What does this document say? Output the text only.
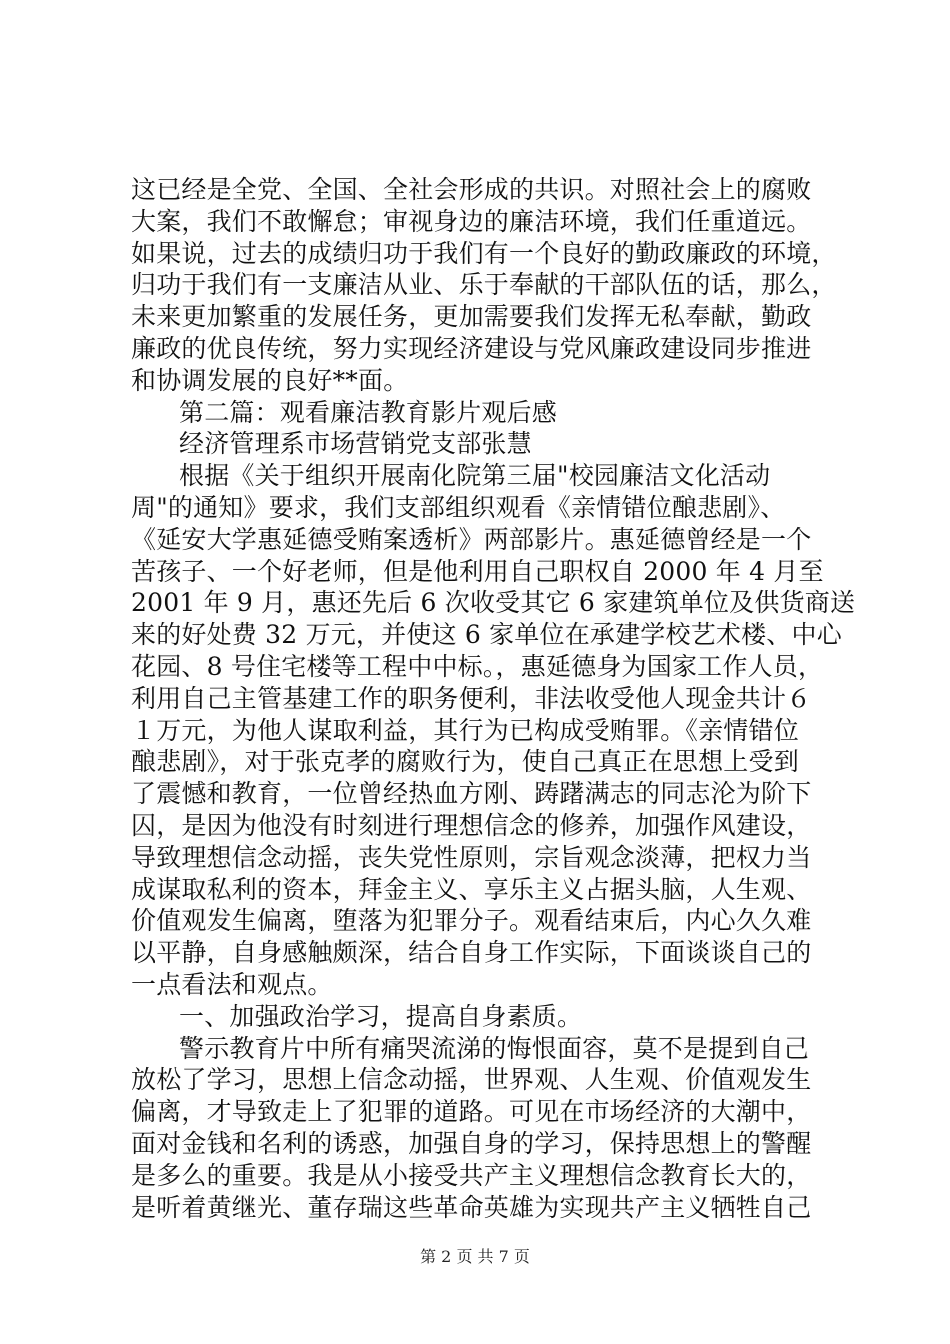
这已经是全党、全国、全社会形成的共识。对照社会上的腐败
大案，我们不敢懈怠；审视身边的廉洁环境，我们任重道远。
如果说，过去的成绩归功于我们有一个良好的勤政廉政的环境，
归功于我们有一支廉洁从业、乐于奉献的干部队伍的话，那么，
未来更加繁重的发展任务，更加需要我们发挥无私奉献，勤政
廉政的优良传统，努力实现经济建设与党风廉政建设同步推进
和协调发展的良好**面。
第二篇：观看廉洁教育影片观后感
经济管理系市场营销党支部张慧
根据《关于组织开展南化院第三届"校园廉洁文化活动
周"的通知》要求，我们支部组织观看《亲情错位酿悲剧》、
《延安大学惠延德受贿案透析》两部影片。惠延德曾经是一个
苦孩子、一个好老师，但是他利用自己职权自 2000 年 4 月至
2001 年 9 月，惠还先后 6 次收受其它 6 家建筑单位及供货商送
来的好处费 32 万元，并使这 6 家单位在承建学校艺术楼、中心
花园、8 号住宅楼等工程中中标。，惠延德身为国家工作人员，
利用自己主管基建工作的职务便利，非法收受他人现金共计６
１万元，为他人谋取利益，其行为已构成受贿罪。《亲情错位
酿悲剧》，对于张克孝的腐败行为，使自己真正在思想上受到
了震憾和教育，一位曾经热血方刚、踌躇满志的同志沦为阶下
囚，是因为他没有时刻进行理想信念的修养，加强作风建设，
导致理想信念动摇，丧失党性原则，宗旨观念淡薄，把权力当
成谋取私利的资本，拜金主义、享乐主义占据头脑，人生观、
价值观发生偏离，堕落为犯罪分子。观看结束后，内心久久难
以平静，自身感触颇深，结合自身工作实际，下面谈谈自己的
一点看法和观点。
一、加强政治学习，提高自身素质。
警示教育片中所有痛哭流涕的悔恨面容，莫不是提到自己
放松了学习，思想上信念动摇，世界观、人生观、价值观发生
偏离，才导致走上了犯罪的道路。可见在市场经济的大潮中，
面对金钱和名利的诱惑，加强自身的学习，保持思想上的警醒
是多么的重要。我是从小接受共产主义理想信念教育长大的，
是听着黄继光、董存瑞这些革命英雄为实现共产主义牺牲自己
第 2 页 共 7 页
